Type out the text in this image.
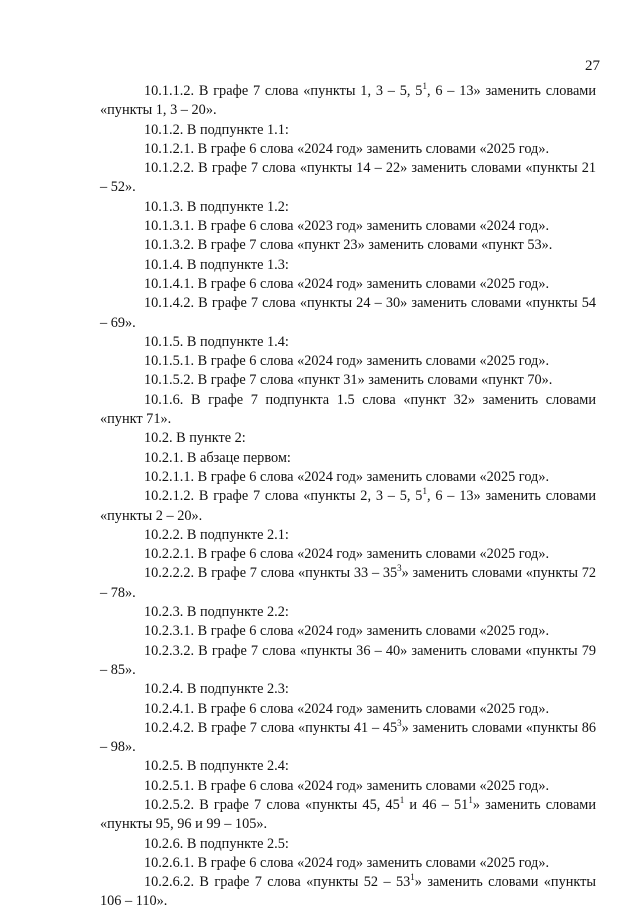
27

10.1.1.2. В графе 7 слова «пункты 1, 3 – 5, $5^1$, 6 – 13» заменить словами «пункты 1, 3 – 20».

10.1.2. В подпункте 1.1:

10.1.2.1. В графе 6 слова «2024 год» заменить словами «2025 год».

10.1.2.2. В графе 7 слова «пункты 14 – 22» заменить словами «пункты 21 – 52».

10.1.3. В подпункте 1.2:

10.1.3.1. В графе 6 слова «2023 год» заменить словами «2024 год».

10.1.3.2. В графе 7 слова «пункт 23» заменить словами «пункт 53».

10.1.4. В подпункте 1.3:

10.1.4.1. В графе 6 слова «2024 год» заменить словами «2025 год».

10.1.4.2. В графе 7 слова «пункты 24 – 30» заменить словами «пункты 54 – 69».

10.1.5. В подпункте 1.4:

10.1.5.1. В графе 6 слова «2024 год» заменить словами «2025 год».

10.1.5.2. В графе 7 слова «пункт 31» заменить словами «пункт 70».

10.1.6. В графе 7 подпункта 1.5 слова «пункт 32» заменить словами «пункт 71».

10.2. В пункте 2:

10.2.1. В абзаце первом:

10.2.1.1. В графе 6 слова «2024 год» заменить словами «2025 год».

10.2.1.2. В графе 7 слова «пункты 2, 3 – 5, $5^1$, 6 – 13» заменить словами «пункты 2 – 20».

10.2.2. В подпункте 2.1:

10.2.2.1. В графе 6 слова «2024 год» заменить словами «2025 год».

10.2.2.2. В графе 7 слова «пункты $33 - 35^3$» заменить словами «пункты 72 – 78».

10.2.3. В подпункте 2.2:

10.2.3.1. В графе 6 слова «2024 год» заменить словами «2025 год».

10.2.3.2. В графе 7 слова «пункты 36 – 40» заменить словами «пункты 79 – 85».

10.2.4. В подпункте 2.3:

10.2.4.1. В графе 6 слова «2024 год» заменить словами «2025 год».

10.2.4.2. В графе 7 слова «пункты $41 - 45^3$» заменить словами «пункты 86 – 98».

10.2.5. В подпункте 2.4:

10.2.5.1. В графе 6 слова «2024 год» заменить словами «2025 год».

10.2.5.2. В графе 7 слова «пункты 45, $45^1$ и $46 - 51^1$» заменить словами «пункты 95, 96 и 99 – 105».

10.2.6. В подпункте 2.5:

10.2.6.1. В графе 6 слова «2024 год» заменить словами «2025 год».

10.2.6.2. В графе 7 слова «пункты $52 - 53^1$» заменить словами «пункты 106 – 110».
